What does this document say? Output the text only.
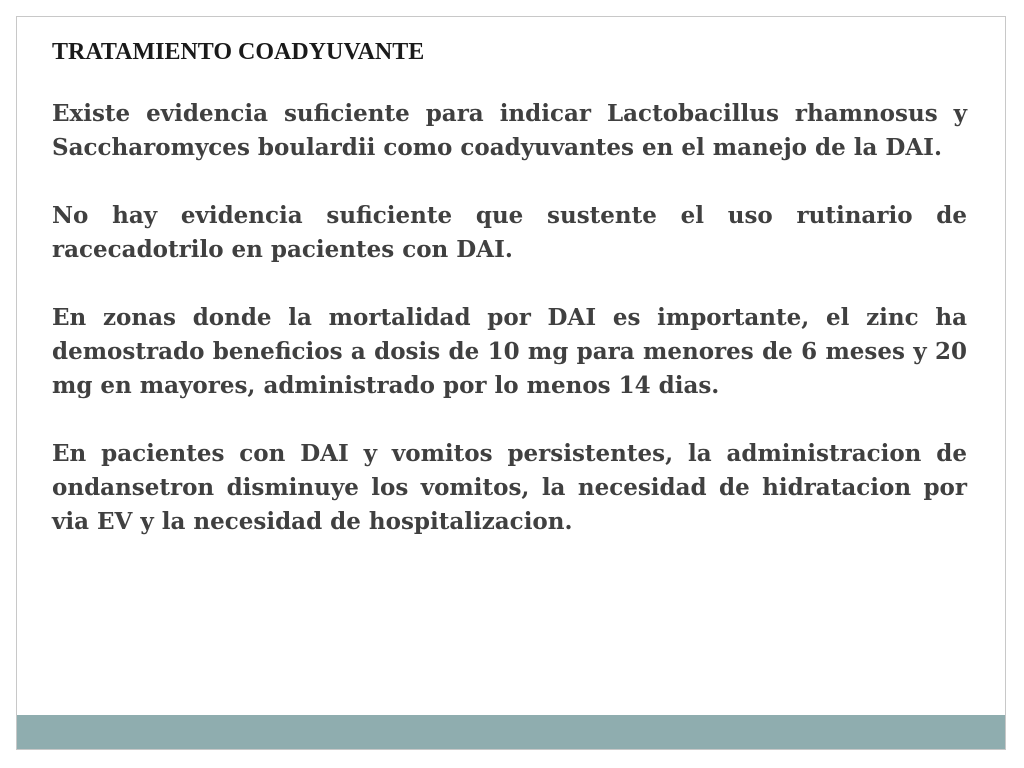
TRATAMIENTO COADYUVANTE

Existe evidencia suficiente para indicar Lactobacillus rhamnosus y Saccharomyces boulardii como coadyuvantes en el manejo de la DAI.

No hay evidencia suficiente que sustente el uso rutinario de racecadotrilo en pacientes con DAI.

En zonas donde la mortalidad por DAI es importante, el zinc ha demostrado beneficios a dosis de 10 mg para menores de 6 meses y 20 mg en mayores, administrado por lo menos 14 dias.

En pacientes con DAI y vomitos persistentes, la administracion de ondansetron disminuye los vomitos, la necesidad de hidratacion por via EV y la necesidad de hospitalizacion.
